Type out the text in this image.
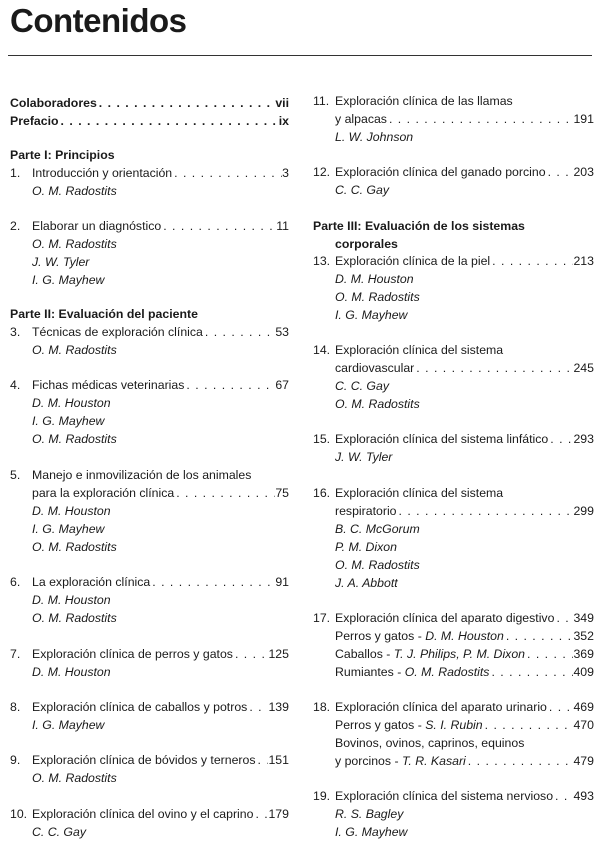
Contenidos
Colaboradores . . .	vii
Prefacio . . .	ix
Parte I: Principios
1. Introducción y orientación . . .	3
O. M. Radostits
2. Elaborar un diagnóstico . . .	11
O. M. Radostits
J. W. Tyler
I. G. Mayhew
Parte II: Evaluación del paciente
3. Técnicas de exploración clínica . . .	53
O. M. Radostits
4. Fichas médicas veterinarias . . .	67
D. M. Houston
I. G. Mayhew
O. M. Radostits
5. Manejo e inmovilización de los animales
para la exploración clínica . . .	75
D. M. Houston
I. G. Mayhew
O. M. Radostits
6. La exploración clínica . . .	91
D. M. Houston
O. M. Radostits
7. Exploración clínica de perros y gatos . . .	125
D. M. Houston
8. Exploración clínica de caballos y potros . . . 139
I. G. Mayhew
9. Exploración clínica de bóvidos y terneros . . . 151
O. M. Radostits
10. Exploración clínica del ovino y el caprino . . . 179
C. C. Gay
11. Exploración clínica de las llamas
y alpacas . . .	191
L. W. Johnson
12. Exploración clínica del ganado porcino . . . 203
C. C. Gay
Parte III: Evaluación de los sistemas
corporales
13. Exploración clínica de la piel . . .	213
D. M. Houston
O. M. Radostits
I. G. Mayhew
14. Exploración clínica del sistema
cardiovascular . . .	245
C. C. Gay
O. M. Radostits
15. Exploración clínica del sistema linfático . . . 293
J. W. Tyler
16. Exploración clínica del sistema
respiratorio . . .	299
B. C. McGorum
P. M. Dixon
O. M. Radostits
J. A. Abbott
17. Exploración clínica del aparato digestivo . . . 349
Perros y gatos - D. M. Houston . . .	352
Caballos - T. J. Philips, P. M. Dixon . . .	369
Rumiantes - O. M. Radostits . . .	409
18. Exploración clínica del aparato urinario . . . 469
Perros y gatos - S. I. Rubin . . .	470
Bovinos, ovinos, caprinos, equinos
y porcinos - T. R. Kasari . . .	479
19. Exploración clínica del sistema nervioso . . . 493
R. S. Bagley
I. G. Mayhew
